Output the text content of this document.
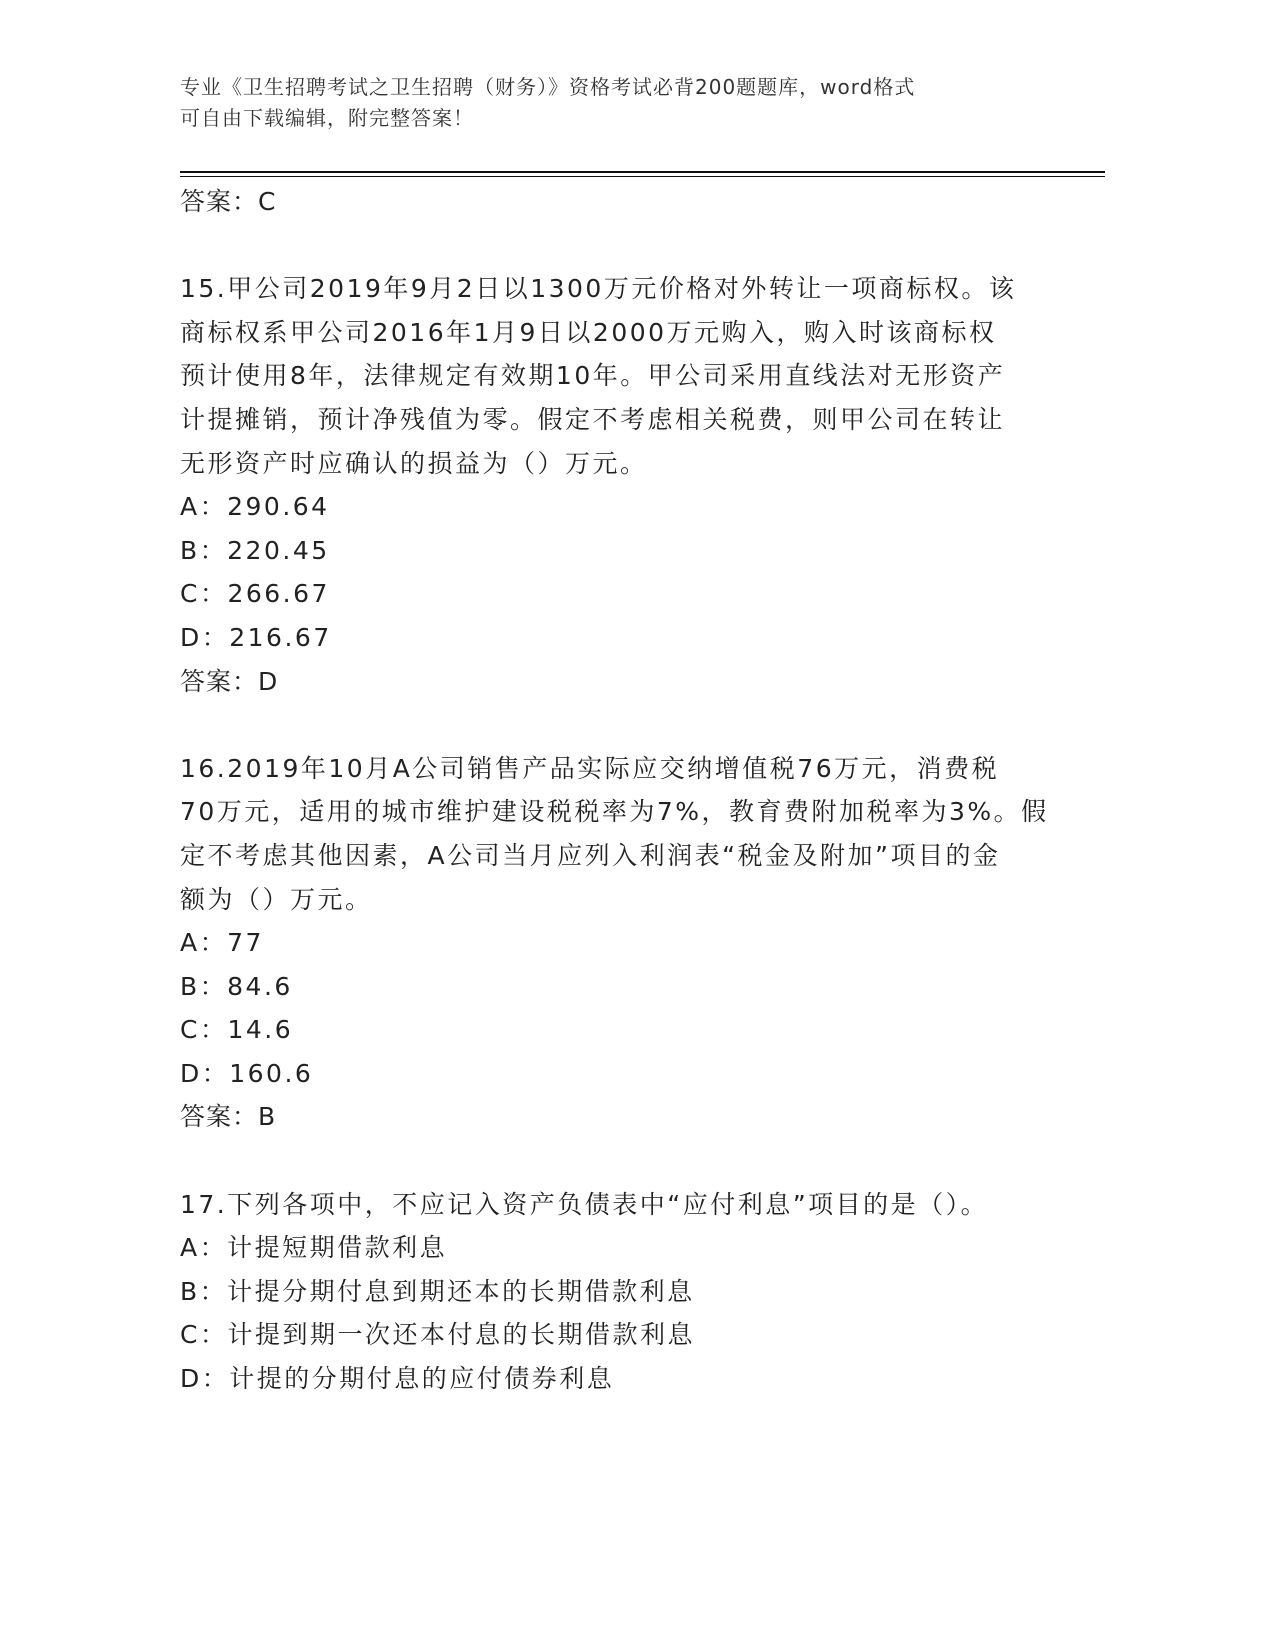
专业《卫生招聘考试之卫生招聘（财务）》资格考试必背200题题库，word格式
可自由下载编辑，附完整答案！
答案：C
15.甲公司2019年9月2日以1300万元价格对外转让一项商标权。该
商标权系甲公司2016年1月9日以2000万元购入，购入时该商标权
预计使用8年，法律规定有效期10年。甲公司采用直线法对无形资产
计提摊销，预计净残值为零。假定不考虑相关税费，则甲公司在转让
无形资产时应确认的损益为（）万元。
A：290.64
B：220.45
C：266.67
D：216.67
答案：D
16.2019年10月A公司销售产品实际应交纳增值税76万元，消费税
70万元，适用的城市维护建设税税率为7%，教育费附加税率为3%。假
定不考虑其他因素，A公司当月应列入利润表“税金及附加”项目的金
额为（）万元。
A：77
B：84.6
C：14.6
D：160.6
答案：B
17.下列各项中，不应记入资产负债表中“应付利息”项目的是（）。
A：计提短期借款利息
B：计提分期付息到期还本的长期借款利息
C：计提到期一次还本付息的长期借款利息
D：计提的分期付息的应付债券利息
